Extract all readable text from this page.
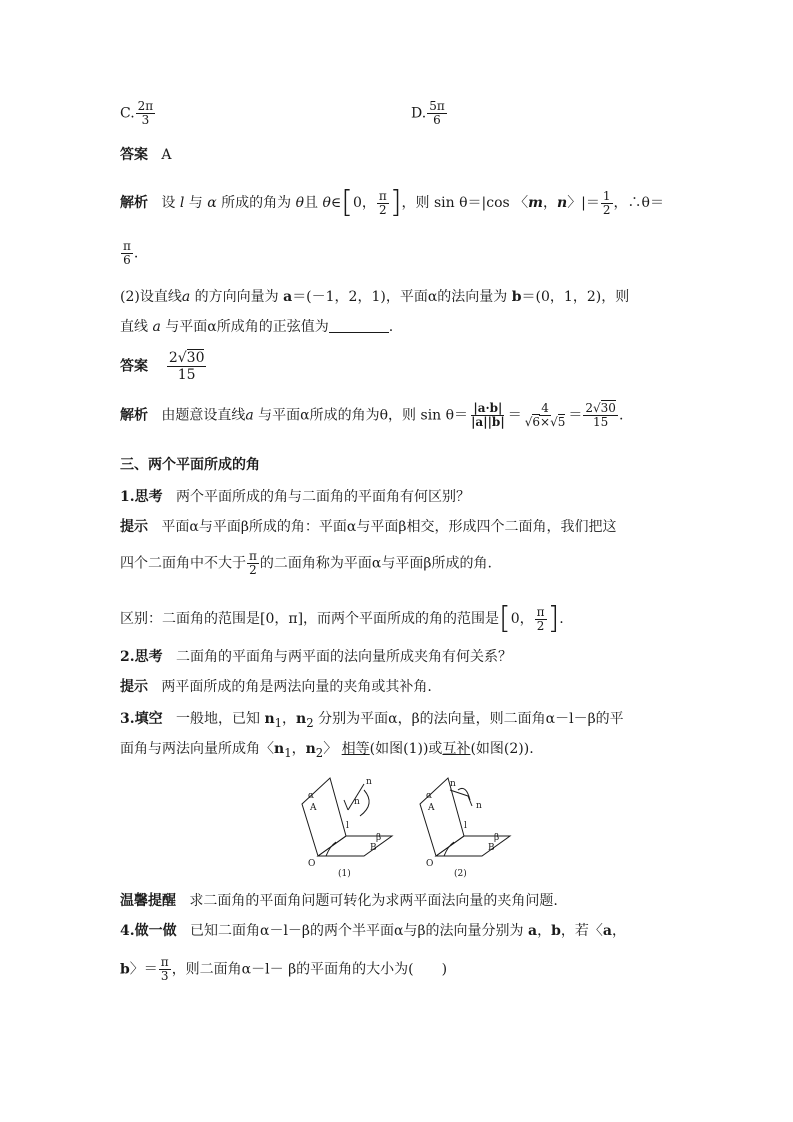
C. $\frac{2\pi}{3}$	D. $\frac{5\pi}{6}$
答案 A
解析 设 l 与 α 所成的角为 θ且 θ∈[0， $\frac{\pi}{2}$ ]，则 sin θ＝|cos 〈m，n〉|＝ $\frac{1}{2}$ ，∴θ＝
$\frac{\pi}{6}$ .
(2)设直线a 的方向向量为 a＝(－1，2，1)，平面α的法向量为 b＝(0，1，2)，则
直线 a 与平面α所成角的正弦值为	.
答案 $\frac{2√30}{15}$
解析 由题意设直线a 与平面α所成的角为θ，则 $\sin \theta= \frac{|a\cdot b|}{|a||b|} = \frac{4}{√6\times√5} = \frac{2√30}{15}$ .
三、两个平面所成的角
1.思考 两个平面所成的角与二面角的平面角有何区别？
提示 平面α与平面β所成的角：平面α与平面β相交，形成四个二面角，我们把这
四个二面角中不大于 $\frac{\pi}{2}$ 的二面角称为平面α与平面β所成的角.
区别：二面角的范围是[0，π]，而两个平面所成的角的范围是[0， $\frac{\pi}{2}$ ].
2.思考 二面角的平面角与两平面的法向量所成夹角有何关系？
提示 两平面所成的角是两法向量的夹角或其补角.
3.填空 一般地，已知 $n_1$，$n_2$ 分别为平面α，β的法向量，则二面角α－l－β的平
面角与两法向量所成角〈$n_1$，$n_2$〉 相等(如图(1))或互补(如图(2)).
α
A
O
B
β
l
n
n
(1)
α
A
O
B
β
l
n
n
(2)
温馨提醒 求二面角的平面角问题可转化为求两平面法向量的夹角问题.
4.做一做 已知二面角α－l－β的两个半平面α与β的法向量分别为 a，b，若〈a，
b〉＝ $\frac{\pi}{3}$ ，则二面角α－l－ β的平面角的大小为(　　)
